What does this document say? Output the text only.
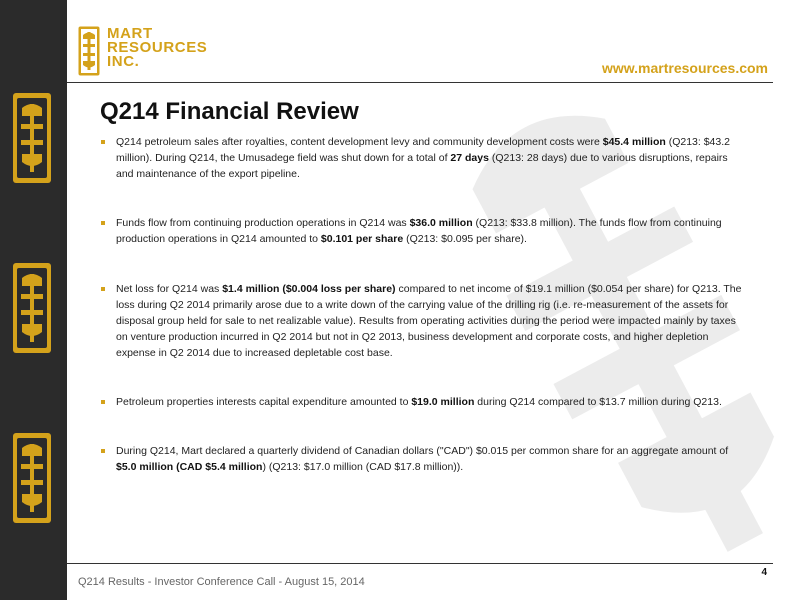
MART
RESOURCES
INC.	www.martresources.com
Q214 Financial Review
Q214 petroleum sales after royalties, content development levy and community development costs were $45.4 million (Q213: $43.2 million). During Q214, the Umusadege field was shut down for a total of 27 days (Q213: 28 days) due to various disruptions, repairs and maintenance of the export pipeline.
Funds flow from continuing production operations in Q214 was $36.0 million (Q213: $33.8 million). The funds flow from continuing production operations in Q214 amounted to $0.101 per share (Q213: $0.095 per share).
Net loss for Q214 was $1.4 million ($0.004 loss per share) compared to net income of $19.1 million ($0.054 per share) for Q213. The loss during Q2 2014 primarily arose due to a write down of the carrying value of the drilling rig (i.e. re-measurement of the assets for disposal group held for sale to net realizable value). Results from operating activities during the period were impacted mainly by taxes on venture production incurred in Q2 2014 but not in Q2 2013, business development and corporate costs, and higher depletion expense in Q2 2014 due to increased depletable cost base.
Petroleum properties interests capital expenditure amounted to $19.0 million during Q214 compared to $13.7 million during Q213.
During Q214, Mart declared a quarterly dividend of Canadian dollars ("CAD") $0.015 per common share for an aggregate amount of $5.0 million (CAD $5.4 million) (Q213: $17.0 million (CAD $17.8 million)).
Q214 Results - Investor Conference Call - August 15, 2014
4
